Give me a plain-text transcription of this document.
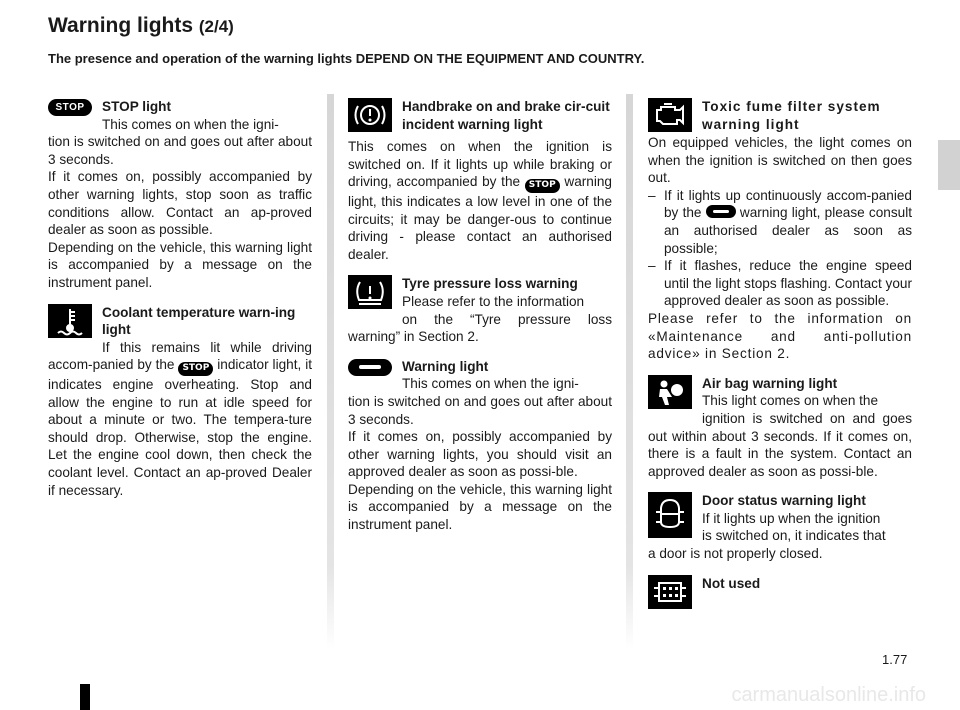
Warning lights (2/4)
The presence and operation of the warning lights DEPEND ON THE EQUIPMENT AND COUNTRY.
STOP	STOP light
This comes on when the igni-
tion is switched on and goes out after about 3 seconds.
If it comes on, possibly accompanied by other warning lights, stop soon as traffic conditions allow. Contact an ap-proved dealer as soon as possible.
Depending on the vehicle, this warning light is accompanied by a message on the instrument panel.
Coolant temperature warn-ing light
If this remains lit while driving accom-panied by the STOP indicator light, it indicates engine overheating. Stop and allow the engine to run at idle speed for about a minute or two. The tempera-ture should drop. Otherwise, stop the engine. Let the engine cool down, then check the coolant level. Contact an ap-proved Dealer if necessary.
Handbrake on and brake cir-cuit incident warning light
This comes on when the ignition is switched on. If it lights up while braking or driving, accompanied by the STOP warning light, this indicates a low level in one of the circuits; it may be danger-ous to continue driving - please contact an authorised dealer.
Tyre pressure loss warning
Please refer to the information
on the “Tyre pressure loss warning” in Section 2.
Warning light
This comes on when the igni-
tion is switched on and goes out after about 3 seconds.
If it comes on, possibly accompanied by other warning lights, you should visit an approved dealer as soon as possi-ble.
Depending on the vehicle, this warning light is accompanied by a message on the instrument panel.
Toxic fume filter system warning light
On equipped vehicles, the light comes on when the ignition is switched on then goes out.
– If it lights up continuously accom-panied by the	warning light, please consult an authorised dealer as soon as possible;
– If it flashes, reduce the engine speed until the light stops flashing. Contact your approved dealer as soon as possible.
Please refer to the information on «Maintenance and anti-pollution advice» in Section 2.
Air bag warning light
This light comes on when the
ignition is switched on and goes out within about 3 seconds. If it comes on, there is a fault in the system. Contact an approved dealer as soon as possi-ble.
Door status warning light
If it lights up when the ignition
is switched on, it indicates that
a door is not properly closed.
Not used
1.77
carmanualsonline.info
